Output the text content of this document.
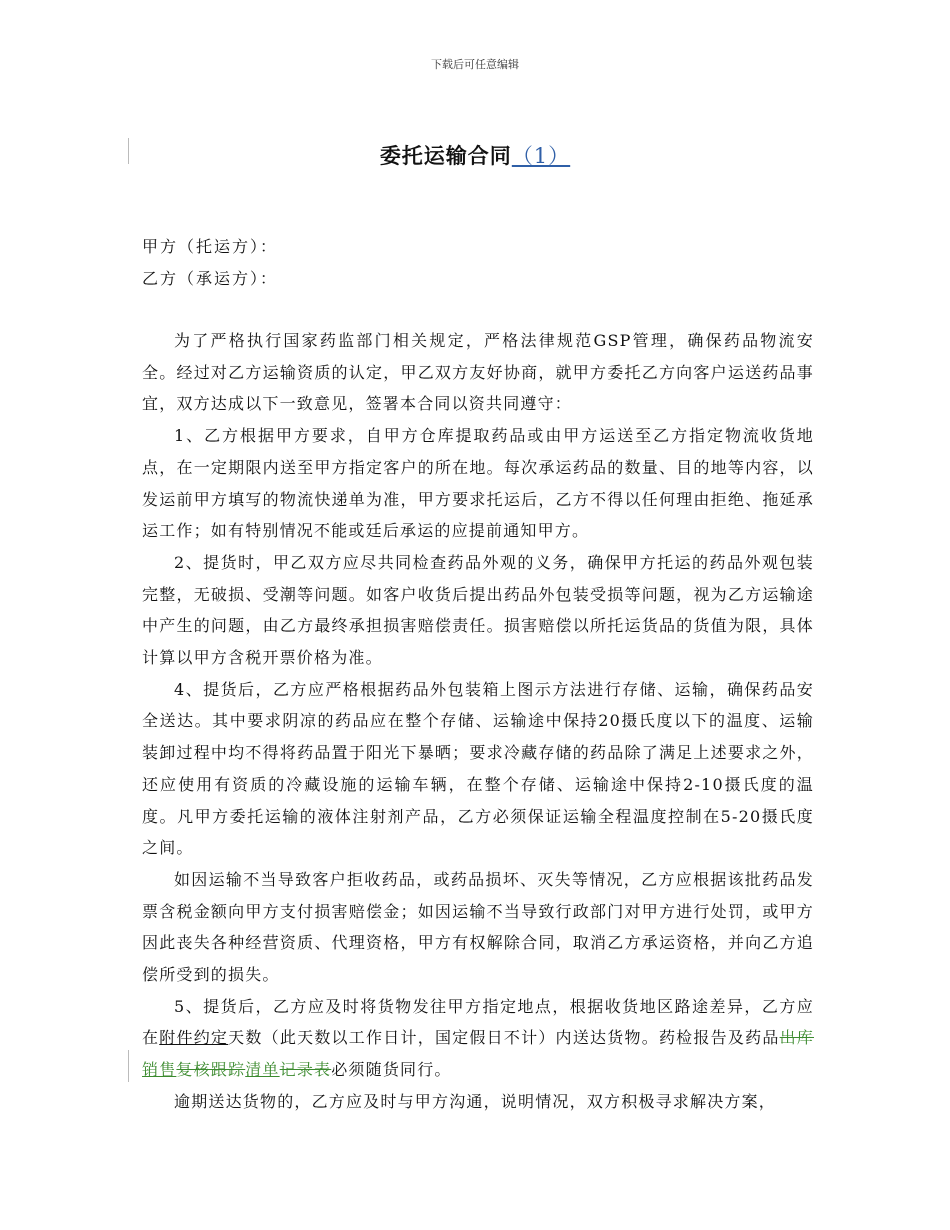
下载后可任意编辑
委托运输合同（1）
甲方（托运方）：
乙方（承运方）：

为了严格执行国家药监部门相关规定，严格法律规范GSP管理，确保药品物流安全。经过对乙方运输资质的认定，甲乙双方友好协商，就甲方委托乙方向客户运送药品事宜，双方达成以下一致意见，签署本合同以资共同遵守：

1、乙方根据甲方要求，自甲方仓库提取药品或由甲方运送至乙方指定物流收货地点，在一定期限内送至甲方指定客户的所在地。每次承运药品的数量、目的地等内容，以发运前甲方填写的物流快递单为准，甲方要求托运后，乙方不得以任何理由拒绝、拖延承运工作；如有特别情况不能或廷后承运的应提前通知甲方。

2、提货时，甲乙双方应尽共同检查药品外观的义务，确保甲方托运的药品外观包装完整，无破损、受潮等问题。如客户收货后提出药品外包装受损等问题，视为乙方运输途中产生的问题，由乙方最终承担损害赔偿责任。损害赔偿以所托运货品的货值为限，具体计算以甲方含税开票价格为准。

4、提货后，乙方应严格根据药品外包装箱上图示方法进行存储、运输，确保药品安全送达。其中要求阴凉的药品应在整个存储、运输途中保持20摄氏度以下的温度、运输装卸过程中均不得将药品置于阳光下暴晒；要求冷藏存储的药品除了满足上述要求之外，还应使用有资质的冷藏设施的运输车辆，在整个存储、运输途中保持2-10摄氏度的温度。凡甲方委托运输的液体注射剂产品，乙方必须保证运输全程温度控制在5-20摄氏度之间。

如因运输不当导致客户拒收药品，或药品损坏、灭失等情况，乙方应根据该批药品发票含税金额向甲方支付损害赔偿金；如因运输不当导致行政部门对甲方进行处罚，或甲方因此丧失各种经营资质、代理资格，甲方有权解除合同，取消乙方承运资格，并向乙方追偿所受到的损失。

5、提货后，乙方应及时将货物发往甲方指定地点，根据收货地区路途差异，乙方应在附件约定天数（此天数以工作日计，国定假日不计）内送达货物。药检报告及药品出库销售复核跟踪清单记录表必须随货同行。

逾期送达货物的，乙方应及时与甲方沟通，说明情况，双方积极寻求解决方案，
